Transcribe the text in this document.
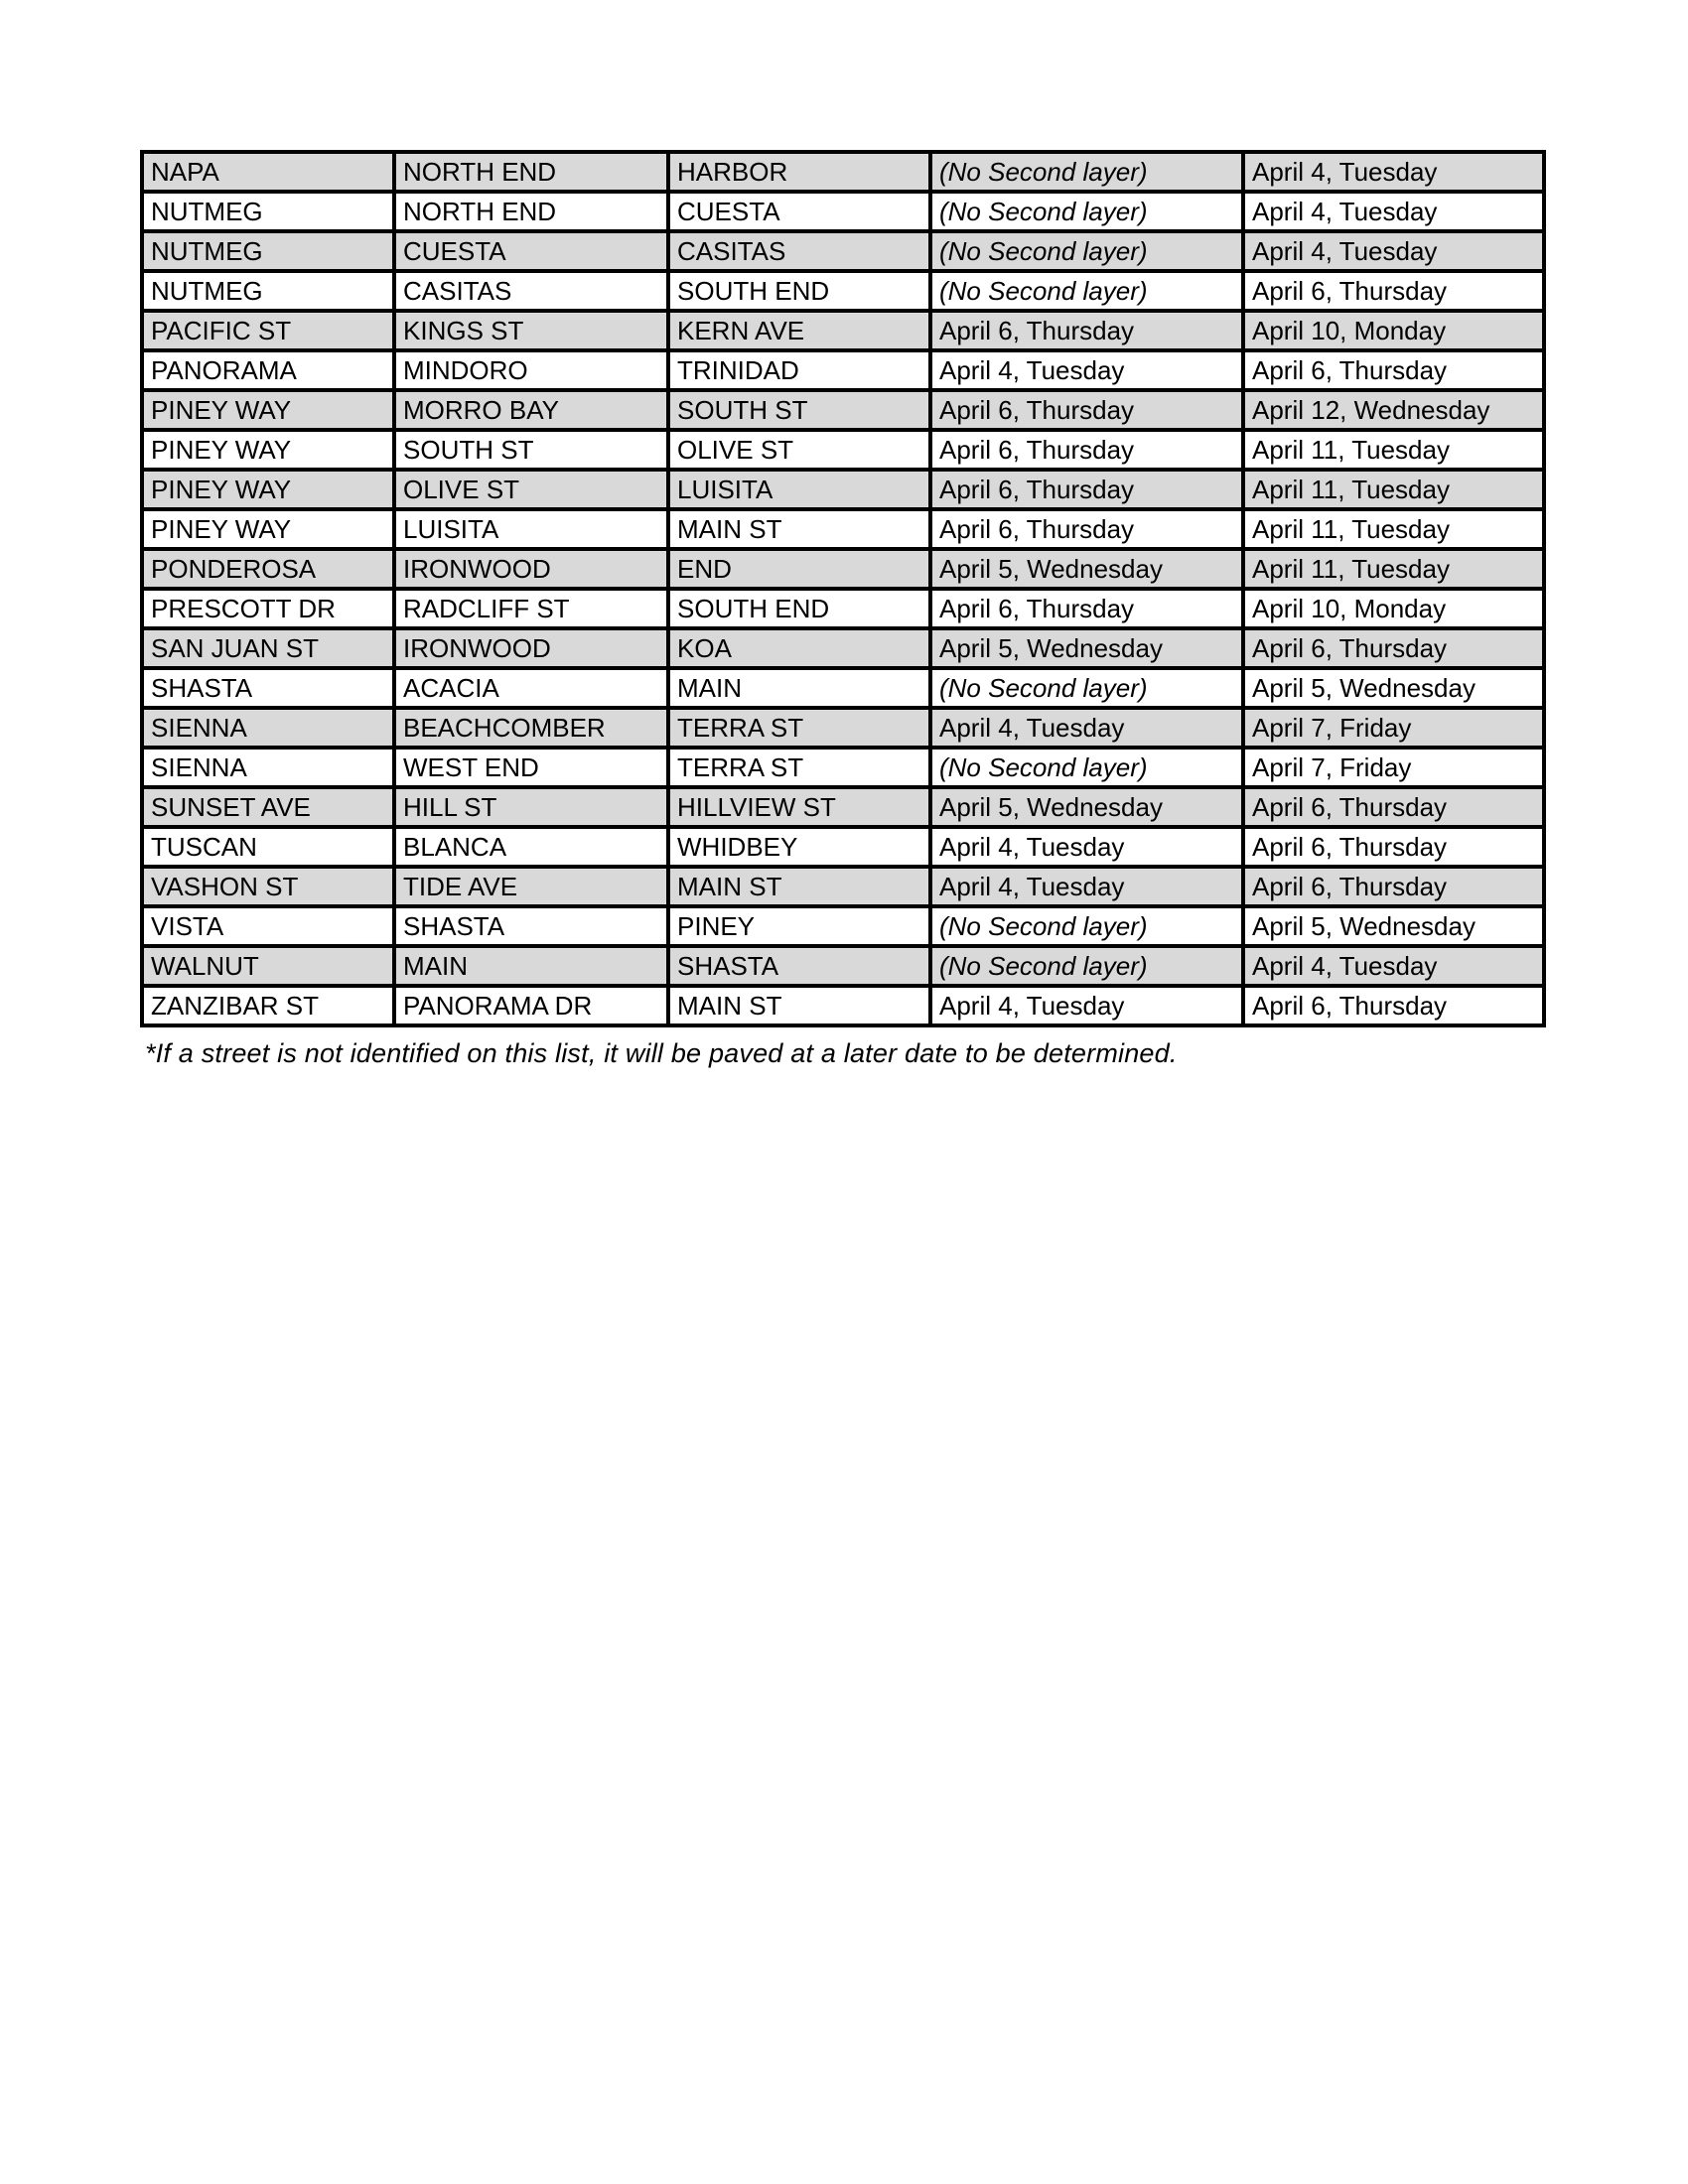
NAPA	NORTH END	HARBOR	(No Second layer)	April 4, Tuesday
NUTMEG	NORTH END	CUESTA	(No Second layer)	April 4, Tuesday
NUTMEG	CUESTA	CASITAS	(No Second layer)	April 4, Tuesday
NUTMEG	CASITAS	SOUTH END	(No Second layer)	April 6, Thursday
PACIFIC ST	KINGS ST	KERN AVE	April 6, Thursday	April 10, Monday
PANORAMA	MINDORO	TRINIDAD	April 4, Tuesday	April 6, Thursday
PINEY WAY	MORRO BAY	SOUTH ST	April 6, Thursday	April 12, Wednesday
PINEY WAY	SOUTH ST	OLIVE ST	April 6, Thursday	April 11, Tuesday
PINEY WAY	OLIVE ST	LUISITA	April 6, Thursday	April 11, Tuesday
PINEY WAY	LUISITA	MAIN ST	April 6, Thursday	April 11, Tuesday
PONDEROSA	IRONWOOD	END	April 5, Wednesday	April 11, Tuesday
PRESCOTT DR	RADCLIFF ST	SOUTH END	April 6, Thursday	April 10, Monday
SAN JUAN ST	IRONWOOD	KOA	April 5, Wednesday	April 6, Thursday
SHASTA	ACACIA	MAIN	(No Second layer)	April 5, Wednesday
SIENNA	BEACHCOMBER	TERRA ST	April 4, Tuesday	April 7, Friday
SIENNA	WEST END	TERRA ST	(No Second layer)	April 7, Friday
SUNSET AVE	HILL ST	HILLVIEW ST	April 5, Wednesday	April 6, Thursday
TUSCAN	BLANCA	WHIDBEY	April 4, Tuesday	April 6, Thursday
VASHON ST	TIDE AVE	MAIN ST	April 4, Tuesday	April 6, Thursday
VISTA	SHASTA	PINEY	(No Second layer)	April 5, Wednesday
WALNUT	MAIN	SHASTA	(No Second layer)	April 4, Tuesday
ZANZIBAR ST	PANORAMA DR	MAIN ST	April 4, Tuesday	April 6, Thursday
*If a street is not identified on this list, it will be paved at a later date to be determined.
